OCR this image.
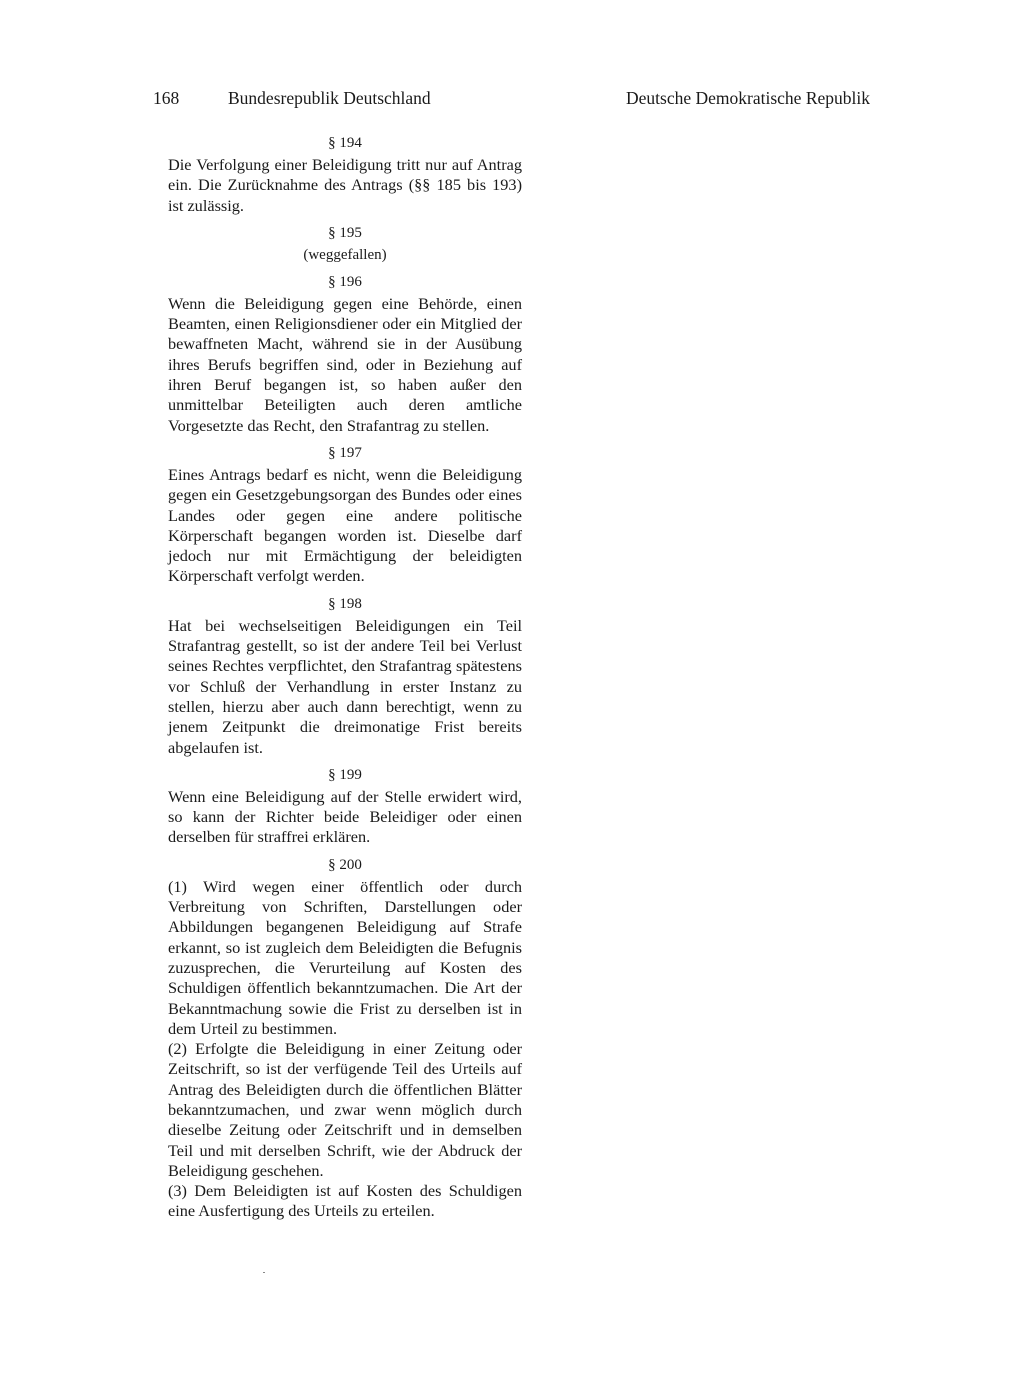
168	Bundesrepublik Deutschland	Deutsche Demokratische Republik
§ 194

Die Verfolgung einer Beleidigung tritt nur auf Antrag ein. Die Zurücknahme des Antrags (§§ 185 bis 193) ist zulässig.

§ 195
(weggefallen)
§ 196

Wenn die Beleidigung gegen eine Behörde, einen Beamten, einen Religionsdiener oder ein Mitglied der bewaffneten Macht, während sie in der Ausübung ihres Berufs begriffen sind, oder in Beziehung auf ihren Beruf begangen ist, so haben außer den unmittelbar Beteiligten auch deren amtliche Vorgesetzte das Recht, den Strafantrag zu stellen.

§ 197

Eines Antrags bedarf es nicht, wenn die Beleidigung gegen ein Gesetzgebungsorgan des Bundes oder eines Landes oder gegen eine andere politische Körperschaft begangen worden ist. Dieselbe darf jedoch nur mit Ermächtigung der beleidigten Körperschaft verfolgt werden.

§ 198

Hat bei wechselseitigen Beleidigungen ein Teil Strafantrag gestellt, so ist der andere Teil bei Verlust seines Rechtes verpflichtet, den Strafantrag spätestens vor Schluß der Verhandlung in erster Instanz zu stellen, hierzu aber auch dann berechtigt, wenn zu jenem Zeitpunkt die dreimonatige Frist bereits abgelaufen ist.

§ 199

Wenn eine Beleidigung auf der Stelle erwidert wird, so kann der Richter beide Beleidiger oder einen derselben für straffrei erklären.

§ 200

(1) Wird wegen einer öffentlich oder durch Verbreitung von Schriften, Darstellungen oder Abbildungen begangenen Beleidigung auf Strafe erkannt, so ist zugleich dem Beleidigten die Befugnis zuzusprechen, die Verurteilung auf Kosten des Schuldigen öffentlich bekanntzumachen. Die Art der Bekanntmachung sowie die Frist zu derselben ist in dem Urteil zu bestimmen.

(2) Erfolgte die Beleidigung in einer Zeitung oder Zeitschrift, so ist der verfügende Teil des Urteils auf Antrag des Beleidigten durch die öffentlichen Blätter bekanntzumachen, und zwar wenn möglich durch dieselbe Zeitung oder Zeitschrift und in demselben Teil und mit derselben Schrift, wie der Abdruck der Beleidigung geschehen.

(3) Dem Beleidigten ist auf Kosten des Schuldigen eine Ausfertigung des Urteils zu erteilen.
